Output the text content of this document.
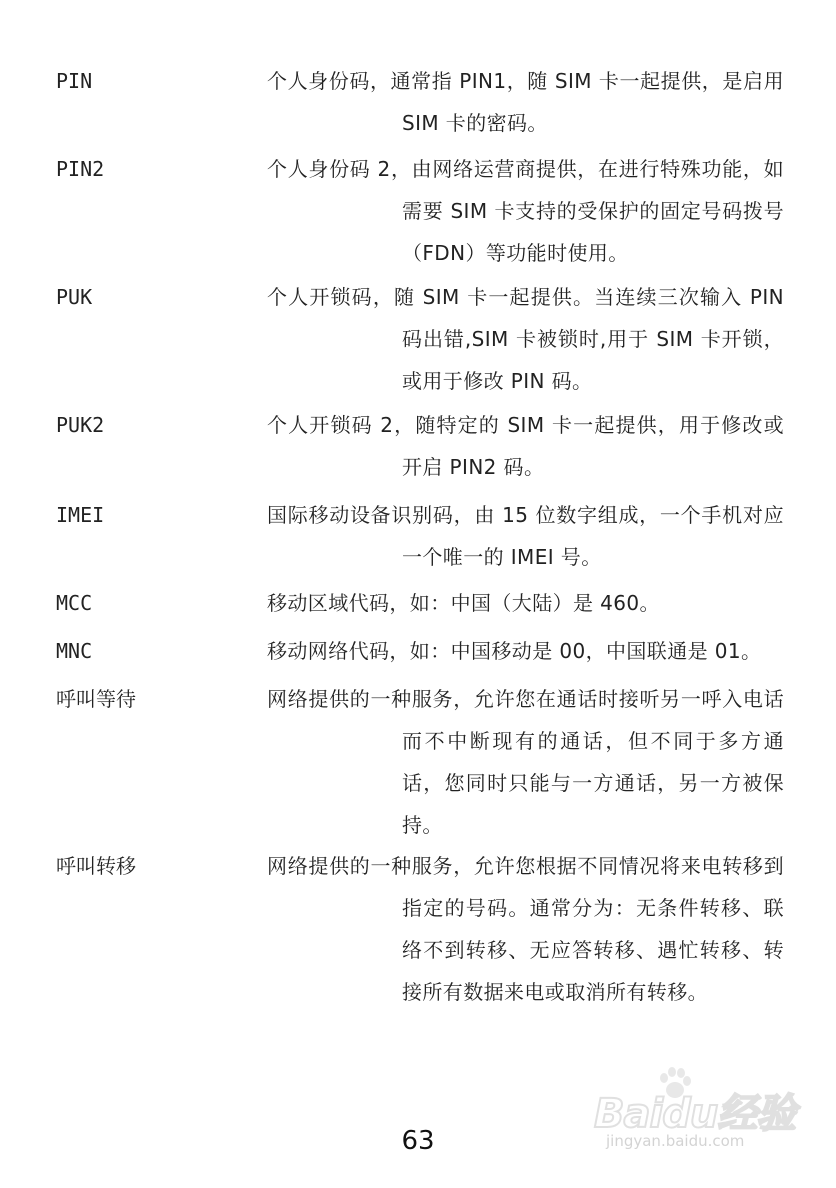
PIN	个人身份码，通常指 PIN1，随 SIM 卡一起提供，是启用 SIM 卡的密码。

PIN2	个人身份码 2，由网络运营商提供，在进行特殊功能，如需要 SIM 卡支持的受保护的固定号码拨号（FDN）等功能时使用。

PUK	个人开锁码，随 SIM 卡一起提供。当连续三次输入 PIN 码出错,SIM 卡被锁时,用于 SIM 卡开锁，或用于修改 PIN 码。

PUK2	个人开锁码 2，随特定的 SIM 卡一起提供，用于修改或开启 PIN2 码。

IMEI	国际移动设备识别码，由 15 位数字组成，一个手机对应一个唯一的 IMEI 号。

MCC	移动区域代码，如：中国（大陆）是 460。

MNC	移动网络代码，如：中国移动是 00，中国联通是 01。

呼叫等待	网络提供的一种服务，允许您在通话时接听另一呼入电话而不中断现有的通话，但不同于多方通话，您同时只能与一方通话，另一方被保持。

呼叫转移	网络提供的一种服务，允许您根据不同情况将来电转移到指定的号码。通常分为：无条件转移、联络不到转移、无应答转移、遇忙转移、转接所有数据来电或取消所有转移。

63
Baidu经验
jingyan.baidu.com
